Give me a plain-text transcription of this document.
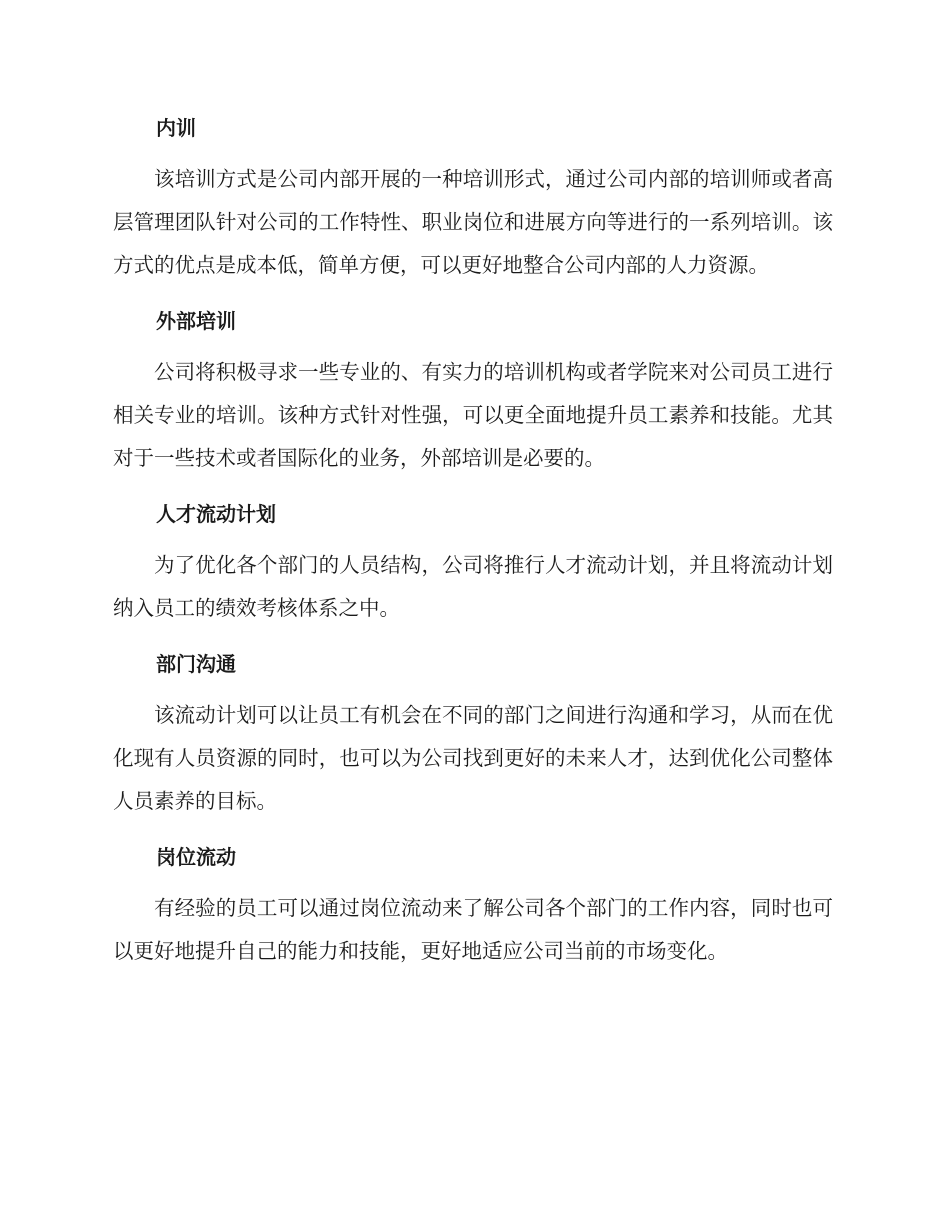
内训

该培训方式是公司内部开展的一种培训形式，通过公司内部的培训师或者高层管理团队针对公司的工作特性、职业岗位和进展方向等进行的一系列培训。该方式的优点是成本低，简单方便，可以更好地整合公司内部的人力资源。

外部培训

公司将积极寻求一些专业的、有实力的培训机构或者学院来对公司员工进行相关专业的培训。该种方式针对性强，可以更全面地提升员工素养和技能。尤其对于一些技术或者国际化的业务，外部培训是必要的。

人才流动计划

为了优化各个部门的人员结构，公司将推行人才流动计划，并且将流动计划纳入员工的绩效考核体系之中。

部门沟通

该流动计划可以让员工有机会在不同的部门之间进行沟通和学习，从而在优化现有人员资源的同时，也可以为公司找到更好的未来人才，达到优化公司整体人员素养的目标。

岗位流动

有经验的员工可以通过岗位流动来了解公司各个部门的工作内容，同时也可以更好地提升自己的能力和技能，更好地适应公司当前的市场变化。
